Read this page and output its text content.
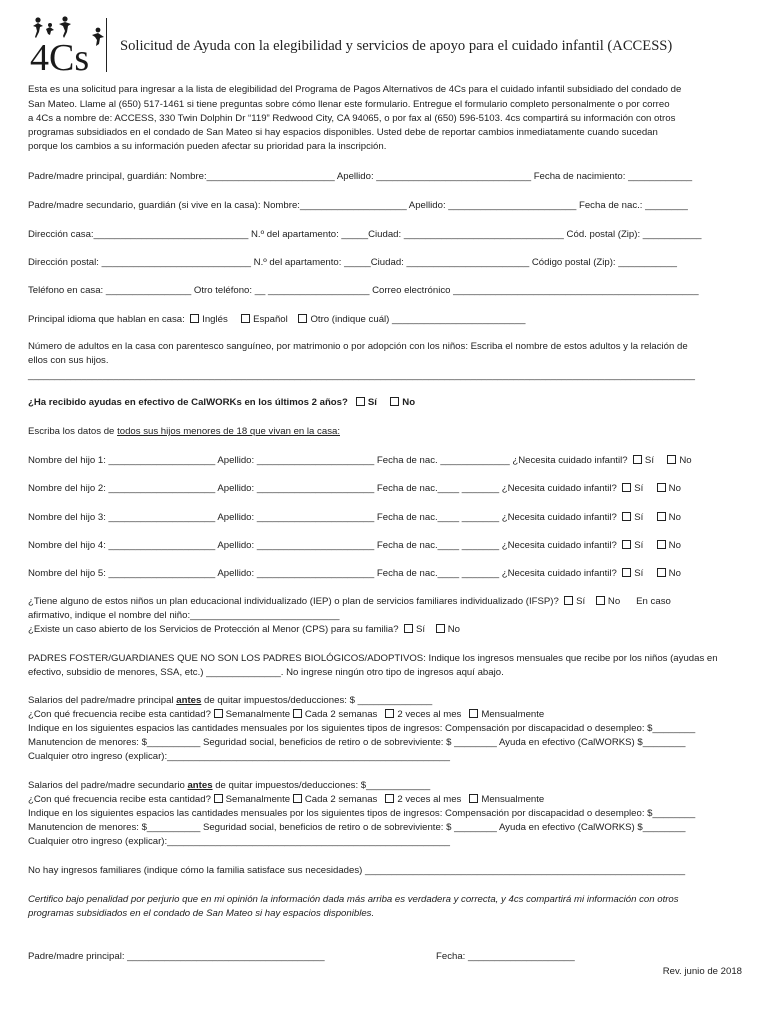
4Cs Solicitud de Ayuda con la elegibilidad y servicios de apoyo para el cuidado infantil (ACCESS)
Esta es una solicitud para ingresar a la lista de elegibilidad del Programa de Pagos Alternativos de 4Cs para el cuidado infantil subsidiado del condado de
San Mateo. Llame al (650) 517-1461 si tiene preguntas sobre cómo llenar este formulario. Entregue el formulario completo personalmente o por correo
a 4Cs a nombre de: ACCESS, 330 Twin Dolphin Dr “119” Redwood City, CA 94065, o por fax al (650) 596-5103. 4cs compartirá su información con otros
programas subsidiados en el condado de San Mateo si hay espacios disponibles. Usted debe de reportar cambios inmediatamente cuando sucedan
porque los cambios a su información pueden afectar su prioridad para la inscripción.
Padre/madre principal, guardián: Nombre:________________________ Apellido: _____________________________ Fecha de nacimiento: ____________
Padre/madre secundario, guardián (si vive en la casa): Nombre:____________________ Apellido: ________________________ Fecha de nac.: ________
Dirección casa:_____________________________ N.º del apartamento: _____Ciudad: ______________________________ Cód. postal (Zip): ___________
Dirección postal: ____________________________ N.º del apartamento: _____Ciudad: _______________________ Código postal (Zip): ___________
Teléfono en casa: ________________ Otro teléfono: __ ___________________ Correo electrónico ______________________________________________
Principal idioma que hablan en casa: Inglés	Español Otro (indique cuál) _________________________
Número de adultos en la casa con parentesco sanguíneo, por matrimonio o por adopción con los niños: Escriba el nombre de estos adultos y la relación de
ellos con sus hijos.
_____________________________________________________________________________________________________________________________
¿Ha recibido ayudas en efectivo de CalWORKs en los últimos 2 años? Sí	No
Escriba los datos de todos sus hijos menores de 18 que vivan en la casa:
Nombre del hijo 1: ____________________ Apellido: ______________________ Fecha de nac. _____________ ¿Necesita cuidado infantil? Sí	No
Nombre del hijo 2: ____________________ Apellido: ______________________ Fecha de nac.____ _______ ¿Necesita cuidado infantil? Sí	No
Nombre del hijo 3: ____________________ Apellido: ______________________ Fecha de nac.____ _______ ¿Necesita cuidado infantil? Sí	No
Nombre del hijo 4: ____________________ Apellido: ______________________ Fecha de nac.____ _______ ¿Necesita cuidado infantil? Sí	No
Nombre del hijo 5: ____________________ Apellido: ______________________ Fecha de nac.____ _______ ¿Necesita cuidado infantil? Sí	No
¿Tiene alguno de estos niños un plan educacional individualizado (IEP) o plan de servicios familiares individualizado (IFSP)? Sí No En caso
afirmativo, indique el nombre del niño:____________________________
¿Existe un caso abierto de los Servicios de Protección al Menor (CPS) para su familia? Sí No
PADRES FOSTER/GUARDIANES QUE NO SON LOS PADRES BIOLÓGICOS/ADOPTIVOS: Indique los ingresos mensuales que recibe por los niños (ayudas en
efectivo, subsidio de menores, SSA, etc.) ______________. No ingrese ningún otro tipo de ingresos aquí abajo.
Salarios del padre/madre principal antes de quitar impuestos/deducciones: $ ______________
¿Con qué frecuencia recibe esta cantidad? Semanalmente Cada 2 semanas 2 veces al mes Mensualmente
Indique en los siguientes espacios las cantidades mensuales por los siguientes tipos de ingresos: Compensación por discapacidad o desempleo: $________
Manutencion de menores: $__________ Seguridad social, beneficios de retiro o de sobreviviente: $ ________ Ayuda en efectivo (CalWORKS) $________
Cualquier otro ingreso (explicar):_____________________________________________________
Salarios del padre/madre secundario antes de quitar impuestos/deducciones: $____________
¿Con qué frecuencia recibe esta cantidad? Semanalmente Cada 2 semanas 2 veces al mes Mensualmente
Indique en los siguientes espacios las cantidades mensuales por los siguientes tipos de ingresos: Compensación por discapacidad o desempleo: $________
Manutencion de menores: $__________ Seguridad social, beneficios de retiro o de sobreviviente: $ ________ Ayuda en efectivo (CalWORKS) $________
Cualquier otro ingreso (explicar):_____________________________________________________
No hay ingresos familiares (indique cómo la familia satisface sus necesidades) ____________________________________________________________
Certifico bajo penalidad por perjurio que en mi opinión la información dada más arriba es verdadera y correcta, y 4cs compartirá mi información con otros
programas subsidiados en el condado de San Mateo si hay espacios disponibles.
Padre/madre principal: _____________________________________	Fecha: ____________________
Rev. junio de 2018
